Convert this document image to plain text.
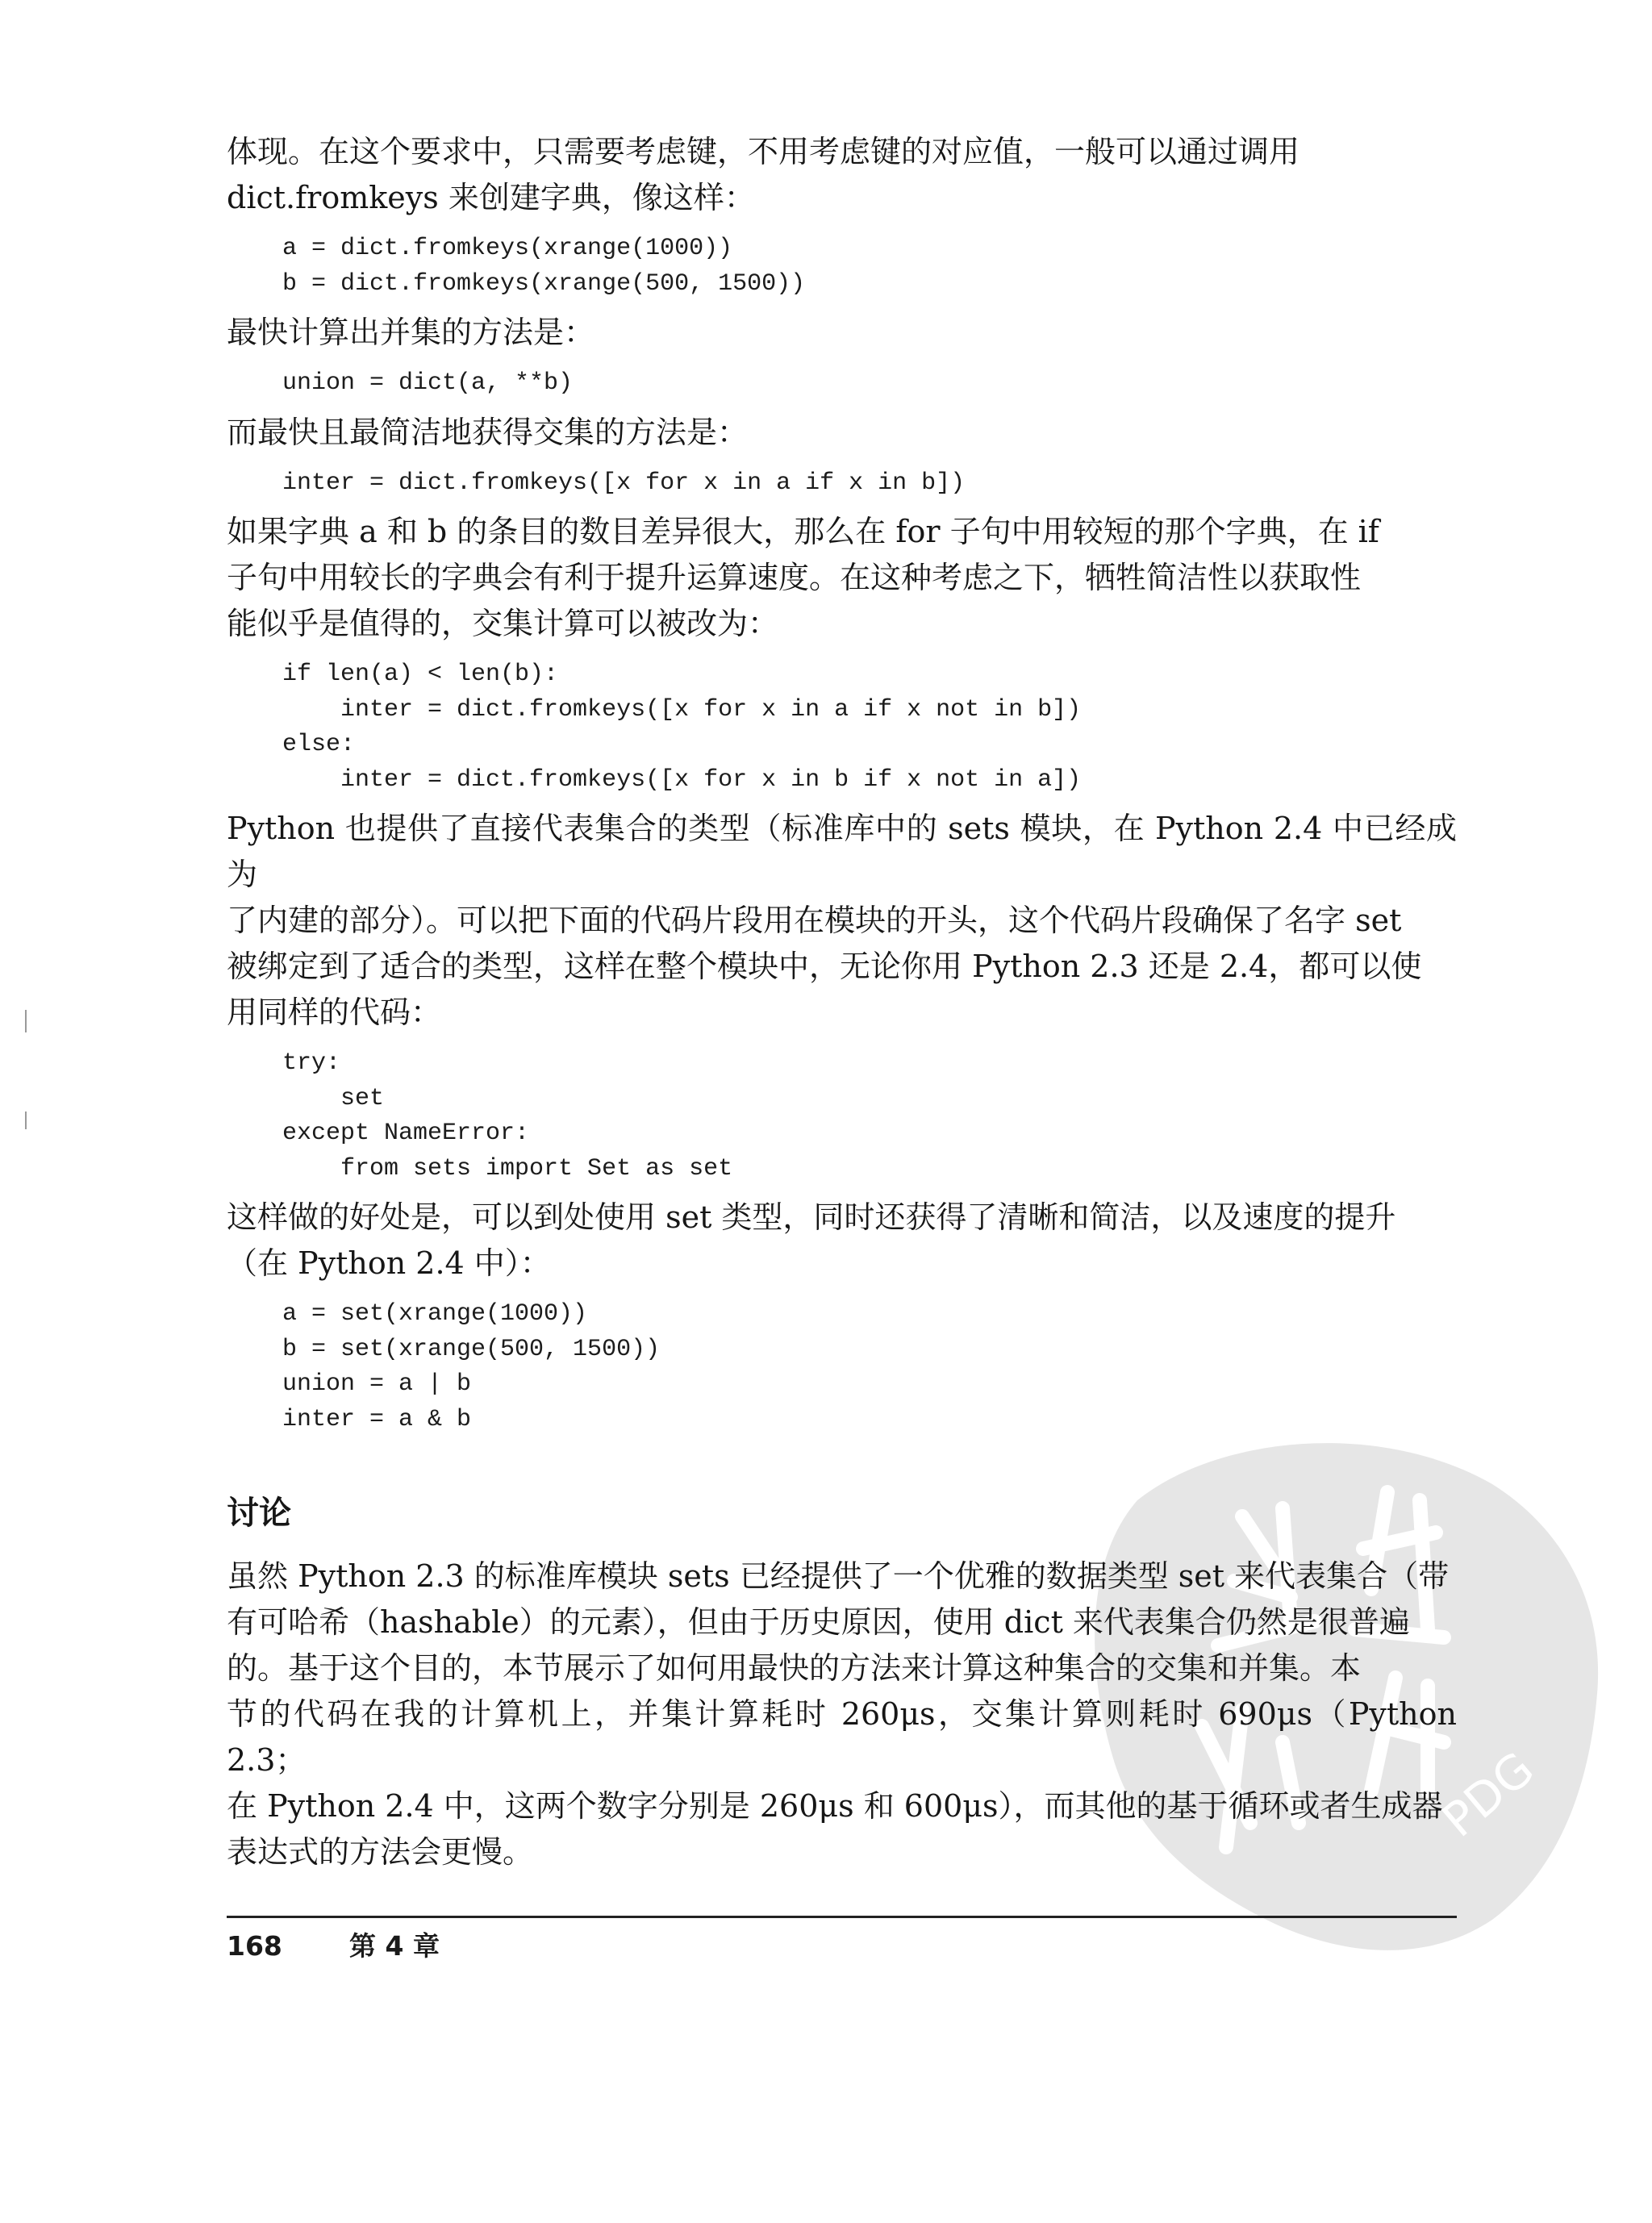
PDG

体现。在这个要求中，只需要考虑键，不用考虑键的对应值，一般可以通过调用
dict.fromkeys 来创建字典，像这样：

a = dict.fromkeys(xrange(1000))
b = dict.fromkeys(xrange(500, 1500))

最快计算出并集的方法是：

union = dict(a, **b)

而最快且最简洁地获得交集的方法是：

inter = dict.fromkeys([x for x in a if x in b])

如果字典 a 和 b 的条目的数目差异很大，那么在 for 子句中用较短的那个字典，在 if
子句中用较长的字典会有利于提升运算速度。在这种考虑之下，牺牲简洁性以获取性
能似乎是值得的，交集计算可以被改为：

if len(a) < len(b):
inter = dict.fromkeys([x for x in a if x not in b])
else:
inter = dict.fromkeys([x for x in b if x not in a])

Python 也提供了直接代表集合的类型（标准库中的 sets 模块，在 Python 2.4 中已经成为
了内建的部分）。可以把下面的代码片段用在模块的开头，这个代码片段确保了名字 set
被绑定到了适合的类型，这样在整个模块中，无论你用 Python 2.3 还是 2.4，都可以使
用同样的代码：

try:
set
except NameError:
from sets import Set as set

这样做的好处是，可以到处使用 set 类型，同时还获得了清晰和简洁，以及速度的提升
（在 Python 2.4 中）：

a = set(xrange(1000))
b = set(xrange(500, 1500))
union = a | b
inter = a & b
讨论

虽然 Python 2.3 的标准库模块 sets 已经提供了一个优雅的数据类型 set 来代表集合（带
有可哈希（hashable）的元素），但由于历史原因，使用 dict 来代表集合仍然是很普遍
的。基于这个目的，本节展示了如何用最快的方法来计算这种集合的交集和并集。本
节的代码在我的计算机上，并集计算耗时 260μs，交集计算则耗时 690μs（Python 2.3；
在 Python 2.4 中，这两个数字分别是 260μs 和 600μs），而其他的基于循环或者生成器
表达式的方法会更慢。

168	第 4 章
